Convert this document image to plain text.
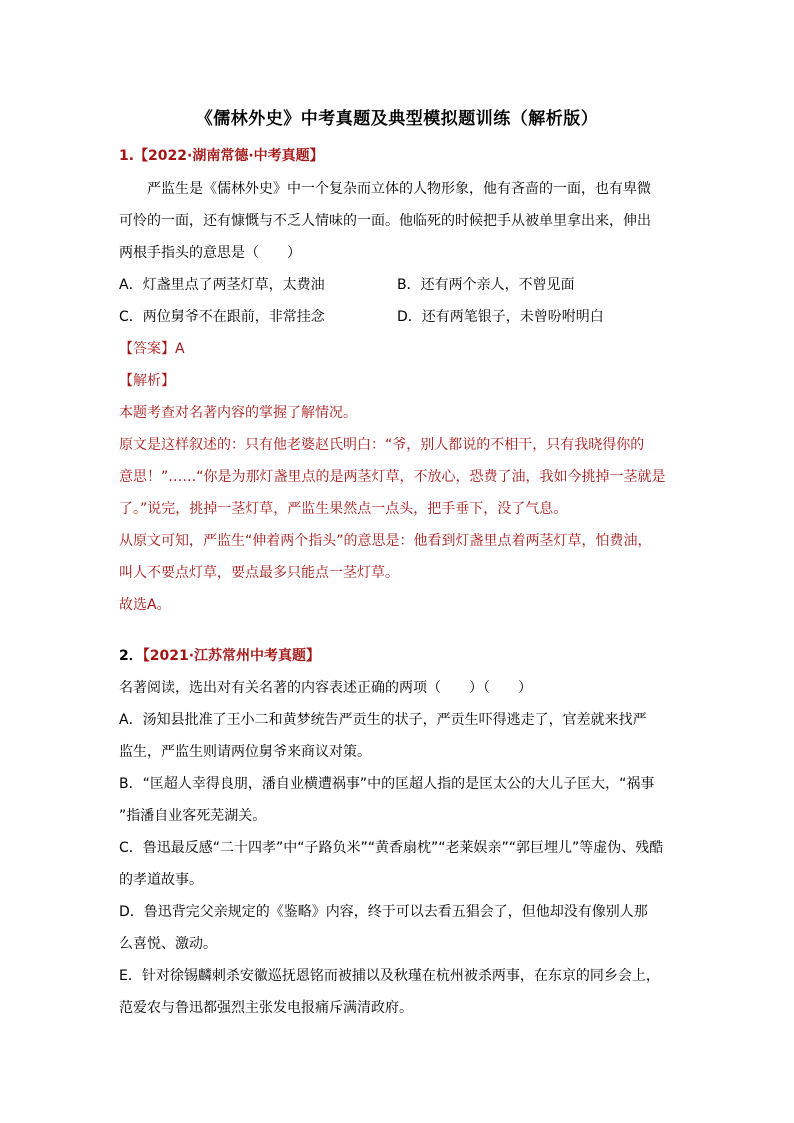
《儒林外史》中考真题及典型模拟题训练（解析版）
1.【2022·湖南常德·中考真题】
严监生是《儒林外史》中一个复杂而立体的人物形象，他有吝啬的一面，也有卑微
可怜的一面，还有慷慨与不乏人情味的一面。他临死的时候把手从被单里拿出来，伸出
两根手指头的意思是（　　）
A．灯盏里点了两茎灯草，太费油	B．还有两个亲人，不曾见面
C．两位舅爷不在跟前，非常挂念	D．还有两笔银子，未曾吩咐明白
【答案】A
【解析】
本题考查对名著内容的掌握了解情况。
原文是这样叙述的：只有他老婆赵氏明白：“爷，别人都说的不相干，只有我晓得你的
意思！”……“你是为那灯盏里点的是两茎灯草，不放心，恐费了油，我如今挑掉一茎就是
了。”说完，挑掉一茎灯草，严监生果然点一点头，把手垂下，没了气息。
从原文可知，严监生“伸着两个指头”的意思是：他看到灯盏里点着两茎灯草，怕费油，
叫人不要点灯草，要点最多只能点一茎灯草。
故选A。
2．【2021·江苏常州中考真题】
名著阅读，选出对有关名著的内容表述正确的两项（　　）（　　）
A．汤知县批准了王小二和黄梦统告严贡生的状子，严贡生吓得逃走了，官差就来找严
监生，严监生则请两位舅爷来商议对策。
B．“匡超人幸得良朋，潘自业横遭祸事”中的匡超人指的是匡太公的大儿子匡大，“祸事
”指潘自业客死芜湖关。
C．鲁迅最反感“二十四孝”中“子路负米”“黄香扇枕”“老莱娱亲”“郭巨埋儿”等虚伪、残酷
的孝道故事。
D．鲁迅背完父亲规定的《鉴略》内容，终于可以去看五猖会了，但他却没有像别人那
么喜悦、激动。
E．针对徐锡麟刺杀安徽巡抚恩铭而被捕以及秋瑾在杭州被杀两事，在东京的同乡会上，
范爱农与鲁迅都强烈主张发电报痛斥满清政府。
